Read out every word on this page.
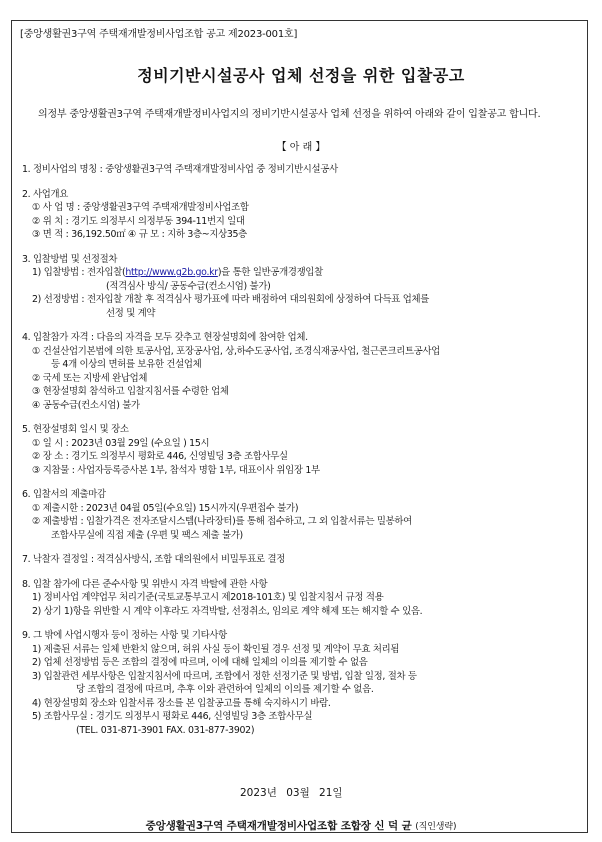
[중앙생활권3구역 주택재개발정비사업조합 공고 제2023-001호]
정비기반시설공사 업체 선정을 위한 입찰공고
의정부 중앙생활권3구역 주택재개발정비사업지의 정비기반시설공사 업체 선정을 위하여 아래와 같이 입찰공고 합니다.
【 아 래 】
1. 정비사업의 명칭 : 중앙생활권3구역 주택재개발정비사업 중 정비기반시설공사
2. 사업개요
① 사 업 명 : 중앙생활권3구역 주택재개발정비사업조합
② 위 치 : 경기도 의정부시 의정부동 394-11번지 일대
③ 면 적 : 36,192.50㎡ ④ 규 모 : 지하 3층~지상35층
3. 입찰방법 및 선정절차
1) 입찰방법 : 전자입찰(http://www.g2b.go.kr)을 통한 일반공개경쟁입찰
(적격심사 방식/ 공동수급(컨소시엄) 불가)
2) 선정방법 : 전자입찰 개찰 후 적격심사 평가표에 따라 배점하여 대의원회에 상정하여 다득표 업체를
선정 및 계약
4. 입찰참가 자격 : 다음의 자격을 모두 갖추고 현장설명회에 참여한 업체.
① 건설산업기본법에 의한 토공사업, 포장공사업, 상,하수도공사업, 조경식재공사업, 철근콘크리트공사업
등 4개 이상의 면허를 보유한 건설업체
② 국세 또는 지방세 완납업체
③ 현장설명회 참석하고 입찰지침서를 수령한 업체
④ 공동수급(컨소시엄) 불가
5. 현장설명회 일시 및 장소
① 일 시 : 2023년 03월 29일 (수요일 ) 15시
② 장 소 : 경기도 의정부시 평화로 446, 신영빌딩 3층 조합사무실
③ 지참물 : 사업자등록증사본 1부, 참석자 명함 1부, 대표이사 위임장 1부
6. 입찰서의 제출마감
① 제출시한 : 2023년 04월 05일(수요일) 15시까지(우편접수 불가)
② 제출방법 : 입찰가격은 전자조달시스템(나라장터)를 통해 접수하고, 그 외 입찰서류는 밀봉하여
조합사무실에 직접 제출 (우편 및 팩스 제출 불가)
7. 낙찰자 결정일 : 적격심사방식, 조합 대의원에서 비밀투표로 결정
8. 입찰 참가에 다른 준수사항 및 위반시 자격 박탈에 관한 사항
1) 정비사업 계약업무 처리기준(국토교통부고시 제2018-101호) 및 입찰지침서 규정 적용
2) 상기 1)항을 위반할 시 계약 이후라도 자격박탈, 선정취소, 임의로 계약 해제 또는 해지할 수 있음.
9. 그 밖에 사업시행자 등이 정하는 사항 및 기타사항
1) 제출된 서류는 일체 반환치 않으며, 허위 사실 등이 확인될 경우 선정 및 계약이 무효 처리됨
2) 업체 선정방법 등은 조합의 결정에 따르며, 이에 대해 일체의 이의를 제기할 수 없음
3) 입찰관련 세부사항은 입찰지침서에 따르며, 조합에서 정한 선정기준 및 방법, 입찰 일정, 절차 등
당 조합의 결정에 따르며, 추후 이와 관련하여 일체의 이의를 제기할 수 없음.
4) 현장설명회 장소와 입찰서류 장소를 본 입찰공고를 통해 숙지하시기 바람.
5) 조합사무실 : 경기도 의정부시 평화로 446, 신영빌딩 3층 조합사무실
(TEL. 031-871-3901 FAX. 031-877-3902)
2023년 03월 21일
중앙생활권3구역 주택재개발정비사업조합 조합장 신 덕 균 (직인생략)
